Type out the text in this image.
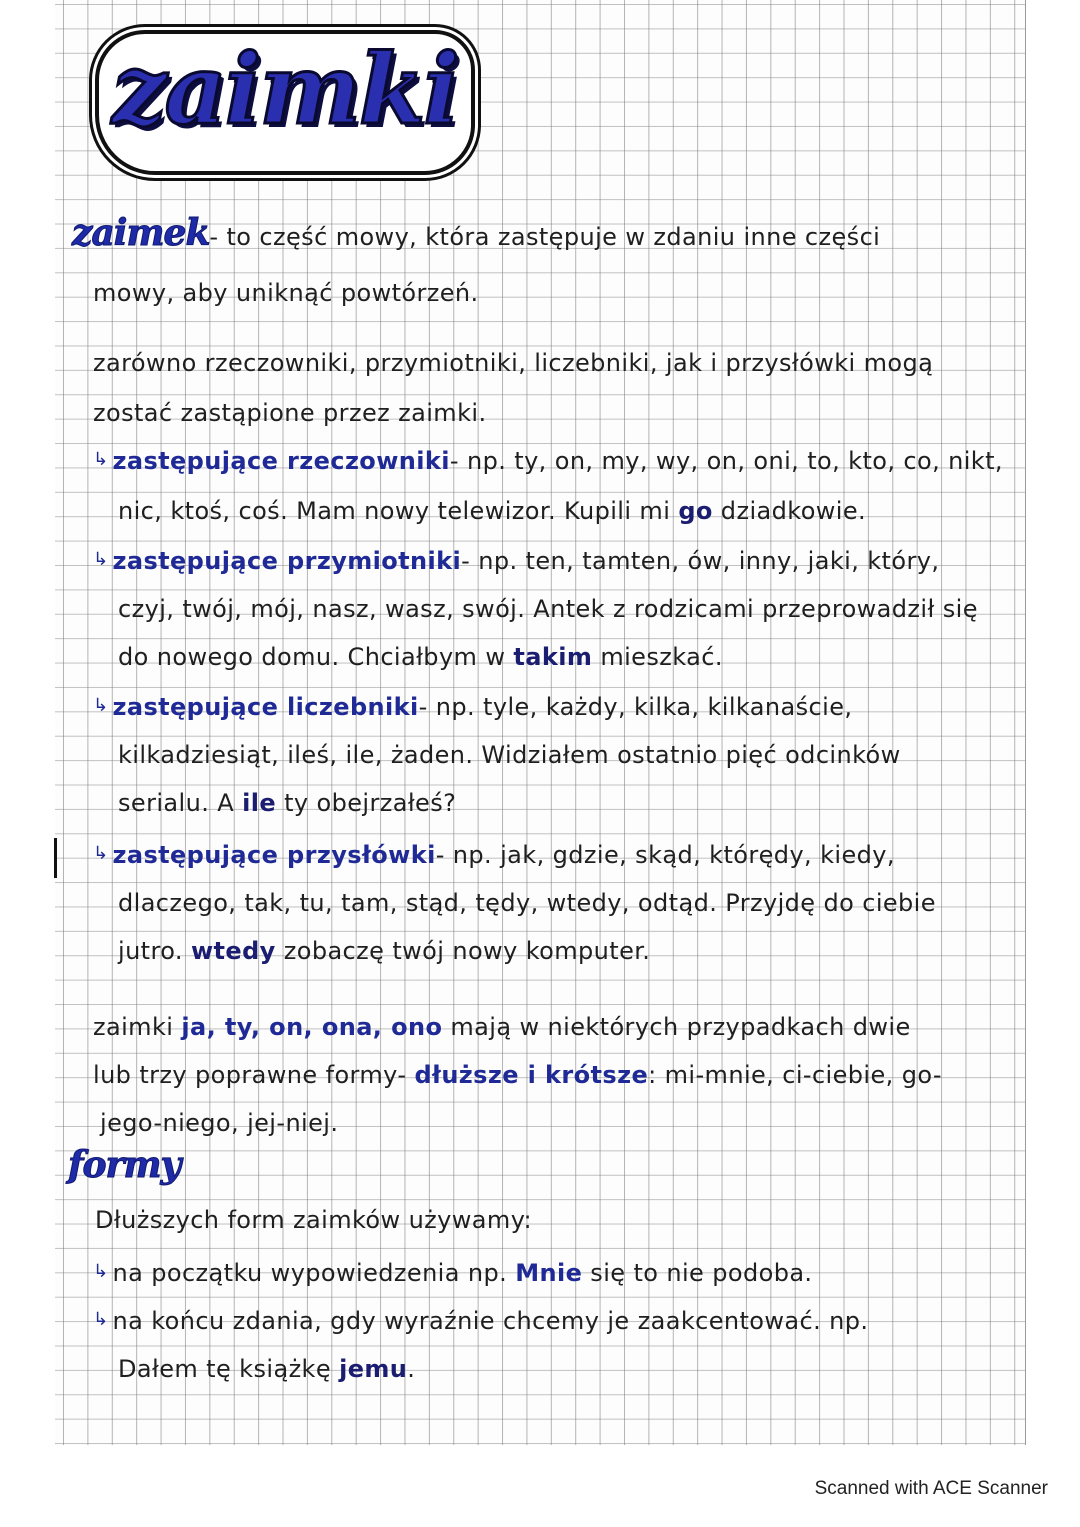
zaimki
zaimek- to część mowy, która zastępuje w zdaniu inne części
mowy, aby uniknąć powtórzeń.
zarówno rzeczowniki, przymiotniki, liczebniki, jak i przysłówki mogą
zostać zastąpione przez zaimki.
↳ zastępujące rzeczowniki- np. ty, on, my, wy, on, oni, to, kto, co, nikt,
nic, ktoś, coś. Mam nowy telewizor. Kupili mi go dziadkowie.
↳ zastępujące przymiotniki- np. ten, tamten, ów, inny, jaki, który,
czyj, twój, mój, nasz, wasz, swój. Antek z rodzicami przeprowadził się
do nowego domu. Chciałbym w takim mieszkać.
↳ zastępujące liczebniki- np. tyle, każdy, kilka, kilkanaście,
kilkadziesiąt, ileś, ile, żaden. Widziałem ostatnio pięć odcinków
serialu. A ile ty obejrzałeś?
↳ zastępujące przysłówki- np. jak, gdzie, skąd, którędy, kiedy,
dlaczego, tak, tu, tam, stąd, tędy, wtedy, odtąd. Przyjdę do ciebie
jutro. wtedy zobaczę twój nowy komputer.
zaimki ja, ty, on, ona, ono mają w niektórych przypadkach dwie
lub trzy poprawne formy- dłuższe i krótsze: mi-mnie, ci-ciebie, go-
jego-niego, jej-niej.
formy
Dłuższych form zaimków używamy:
↳ na początku wypowiedzenia np. Mnie się to nie podoba.
↳ na końcu zdania, gdy wyraźnie chcemy je zaakcentować. np.
Dałem tę książkę jemu.
Scanned with ACE Scanner
